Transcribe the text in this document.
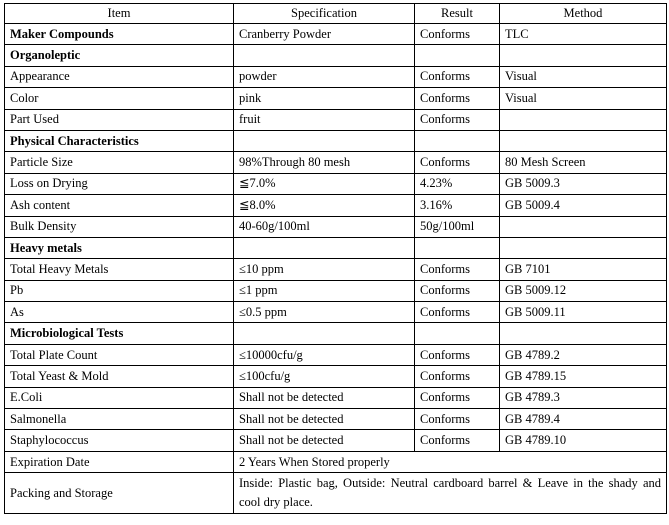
Item	Specification	Result	Method
Maker Compounds	Cranberry Powder	Conforms	TLC
Organoleptic			
Appearance	powder	Conforms	Visual
Color	pink	Conforms	Visual
Part Used	fruit	Conforms	
Physical Characteristics			
Particle Size	98%Through 80 mesh	Conforms	80 Mesh Screen
Loss on Drying	≦7.0%	4.23%	GB 5009.3
Ash content	≦8.0%	3.16%	GB 5009.4
Bulk Density	40-60g/100ml	50g/100ml	
Heavy metals			
Total Heavy Metals	≤10 ppm	Conforms	GB 7101
Pb	≤1 ppm	Conforms	GB 5009.12
As	≤0.5 ppm	Conforms	GB 5009.11
Microbiological Tests			
Total Plate Count	≤10000cfu/g	Conforms	GB 4789.2
Total Yeast & Mold	≤100cfu/g	Conforms	GB 4789.15
E.Coli	Shall not be detected	Conforms	GB 4789.3
Salmonella	Shall not be detected	Conforms	GB 4789.4
Staphylococcus	Shall not be detected	Conforms	GB 4789.10
Expiration Date	2 Years When Stored properly		
Packing and Storage	Inside: Plastic bag, Outside: Neutral cardboard barrel & Leave in the shady and cool dry place.		
